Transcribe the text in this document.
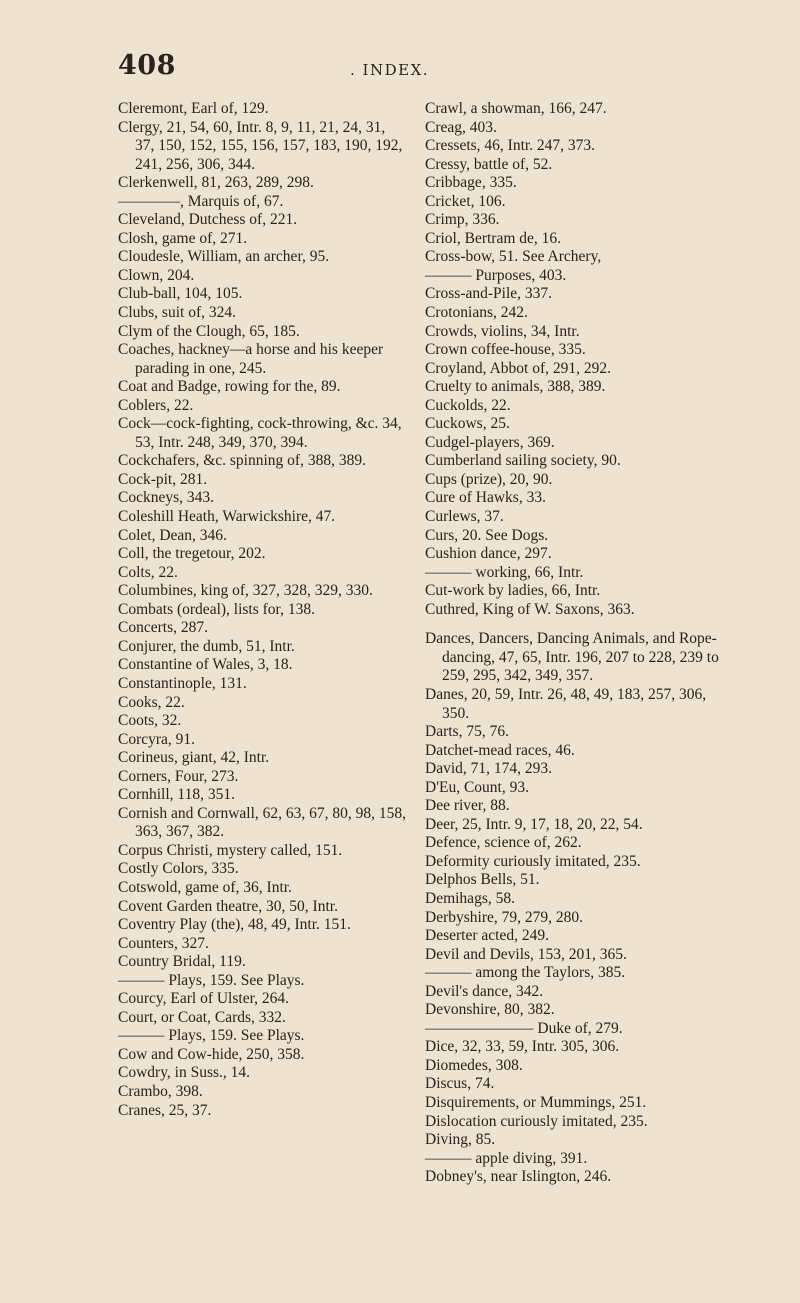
408	. INDEX.

Cleremont, Earl of, 129.

Clergy, 21, 54, 60, Intr. 8, 9, 11, 21, 24, 31, 37, 150, 152, 155, 156, 157, 183, 190, 192, 241, 256, 306, 344.

Clerkenwell, 81, 263, 289, 298.

————, Marquis of, 67.

Cleveland, Dutchess of, 221.

Closh, game of, 271.

Cloudesle, William, an archer, 95.

Clown, 204.

Club-ball, 104, 105.

Clubs, suit of, 324.

Clym of the Clough, 65, 185.

Coaches, hackney—a horse and his keeper parading in one, 245.

Coat and Badge, rowing for the, 89.

Coblers, 22.

Cock—cock-fighting, cock-throwing, &c. 34, 53, Intr. 248, 349, 370, 394.

Cockchafers, &c. spinning of, 388, 389.

Cock-pit, 281.

Cockneys, 343.

Coleshill Heath, Warwickshire, 47.

Colet, Dean, 346.

Coll, the tregetour, 202.

Colts, 22.

Columbines, king of, 327, 328, 329, 330.

Combats (ordeal), lists for, 138.

Concerts, 287.

Conjurer, the dumb, 51, Intr.

Constantine of Wales, 3, 18.

Constantinople, 131.

Cooks, 22.

Coots, 32.

Corcyra, 91.

Corineus, giant, 42, Intr.

Corners, Four, 273.

Cornhill, 118, 351.

Cornish and Cornwall, 62, 63, 67, 80, 98, 158, 363, 367, 382.

Corpus Christi, mystery called, 151.

Costly Colors, 335.

Cotswold, game of, 36, Intr.

Covent Garden theatre, 30, 50, Intr.

Coventry Play (the), 48, 49, Intr. 151.

Counters, 327.

Country Bridal, 119.

——— Plays, 159. See Plays.

Courcy, Earl of Ulster, 264.

Court, or Coat, Cards, 332.

——— Plays, 159. See Plays.

Cow and Cow-hide, 250, 358.

Cowdry, in Suss., 14.

Crambo, 398.

Cranes, 25, 37.

Crawl, a showman, 166, 247.

Creag, 403.

Cressets, 46, Intr. 247, 373.

Cressy, battle of, 52.

Cribbage, 335.

Cricket, 106.

Crimp, 336.

Criol, Bertram de, 16.

Cross-bow, 51. See Archery,

——— Purposes, 403.

Cross-and-Pile, 337.

Crotonians, 242.

Crowds, violins, 34, Intr.

Crown coffee-house, 335.

Croyland, Abbot of, 291, 292.

Cruelty to animals, 388, 389.

Cuckolds, 22.

Cuckows, 25.

Cudgel-players, 369.

Cumberland sailing society, 90.

Cups (prize), 20, 90.

Cure of Hawks, 33.

Curlews, 37.

Curs, 20. See Dogs.

Cushion dance, 297.

——— working, 66, Intr.

Cut-work by ladies, 66, Intr.

Cuthred, King of W. Saxons, 363.

Dances, Dancers, Dancing Animals, and Rope-dancing, 47, 65, Intr. 196, 207 to 228, 239 to 259, 295, 342, 349, 357.

Danes, 20, 59, Intr. 26, 48, 49, 183, 257, 306, 350.

Darts, 75, 76.

Datchet-mead races, 46.

David, 71, 174, 293.

D'Eu, Count, 93.

Dee river, 88.

Deer, 25, Intr. 9, 17, 18, 20, 22, 54.

Defence, science of, 262.

Deformity curiously imitated, 235.

Delphos Bells, 51.

Demihags, 58.

Derbyshire, 79, 279, 280.

Deserter acted, 249.

Devil and Devils, 153, 201, 365.

——— among the Taylors, 385.

Devil's dance, 342.

Devonshire, 80, 382.

——————— Duke of, 279.

Dice, 32, 33, 59, Intr. 305, 306.

Diomedes, 308.

Discus, 74.

Disquirements, or Mummings, 251.

Dislocation curiously imitated, 235.

Diving, 85.

——— apple diving, 391.

Dobney's, near Islington, 246.
